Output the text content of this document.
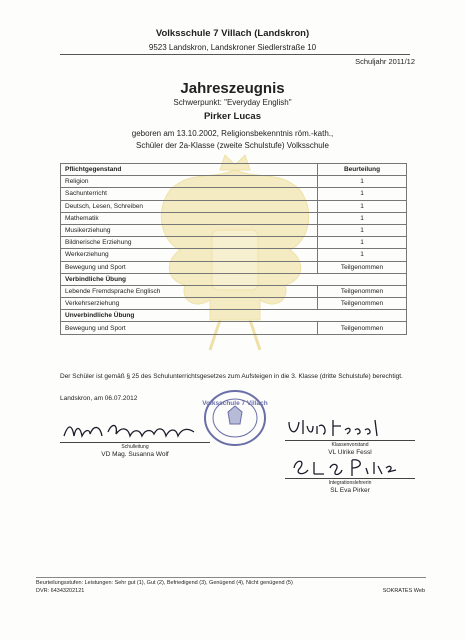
Volksschule 7 Villach (Landskron)
9523 Landskron, Landskroner Siedlerstraße 10
Schuljahr 2011/12
Jahreszeugnis
Schwerpunkt: "Everyday English"
Pirker Lucas
geboren am 13.10.2002, Religionsbekenntnis röm.-kath.,
Schüler der 2a-Klasse (zweite Schulstufe) Volksschule
Pflichtgegenstand	Beurteilung
Religion	1
Sachunterricht	1
Deutsch, Lesen, Schreiben	1
Mathematik	1
Musikerziehung	1
Bildnerische Erziehung	1
Werkerziehung	1
Bewegung und Sport	Teilgenommen
Verbindliche Übung	
Lebende Fremdsprache Englisch	Teilgenommen
Verkehrserziehung	Teilgenommen
Unverbindliche Übung	
Bewegung und Sport	Teilgenommen
Der Schüler ist gemäß § 25 des Schulunterrichtsgesetzes zum Aufsteigen in die 3. Klasse (dritte Schulstufe) berechtigt.
Landskron, am 06.07.2012
Schulleitung
VD Mag. Susanna Wolf
Volksschule 7 Villach
Klassenvorstand
VL Ulrike Fessl
Integrationslehrerin
SL Eva Pirker
Beurteilungsstufen: Leistungen: Sehr gut (1), Gut (2), Befriedigend (3), Genügend (4), Nicht genügend (5)
DVR: 64343202121	SOKRATES Web
